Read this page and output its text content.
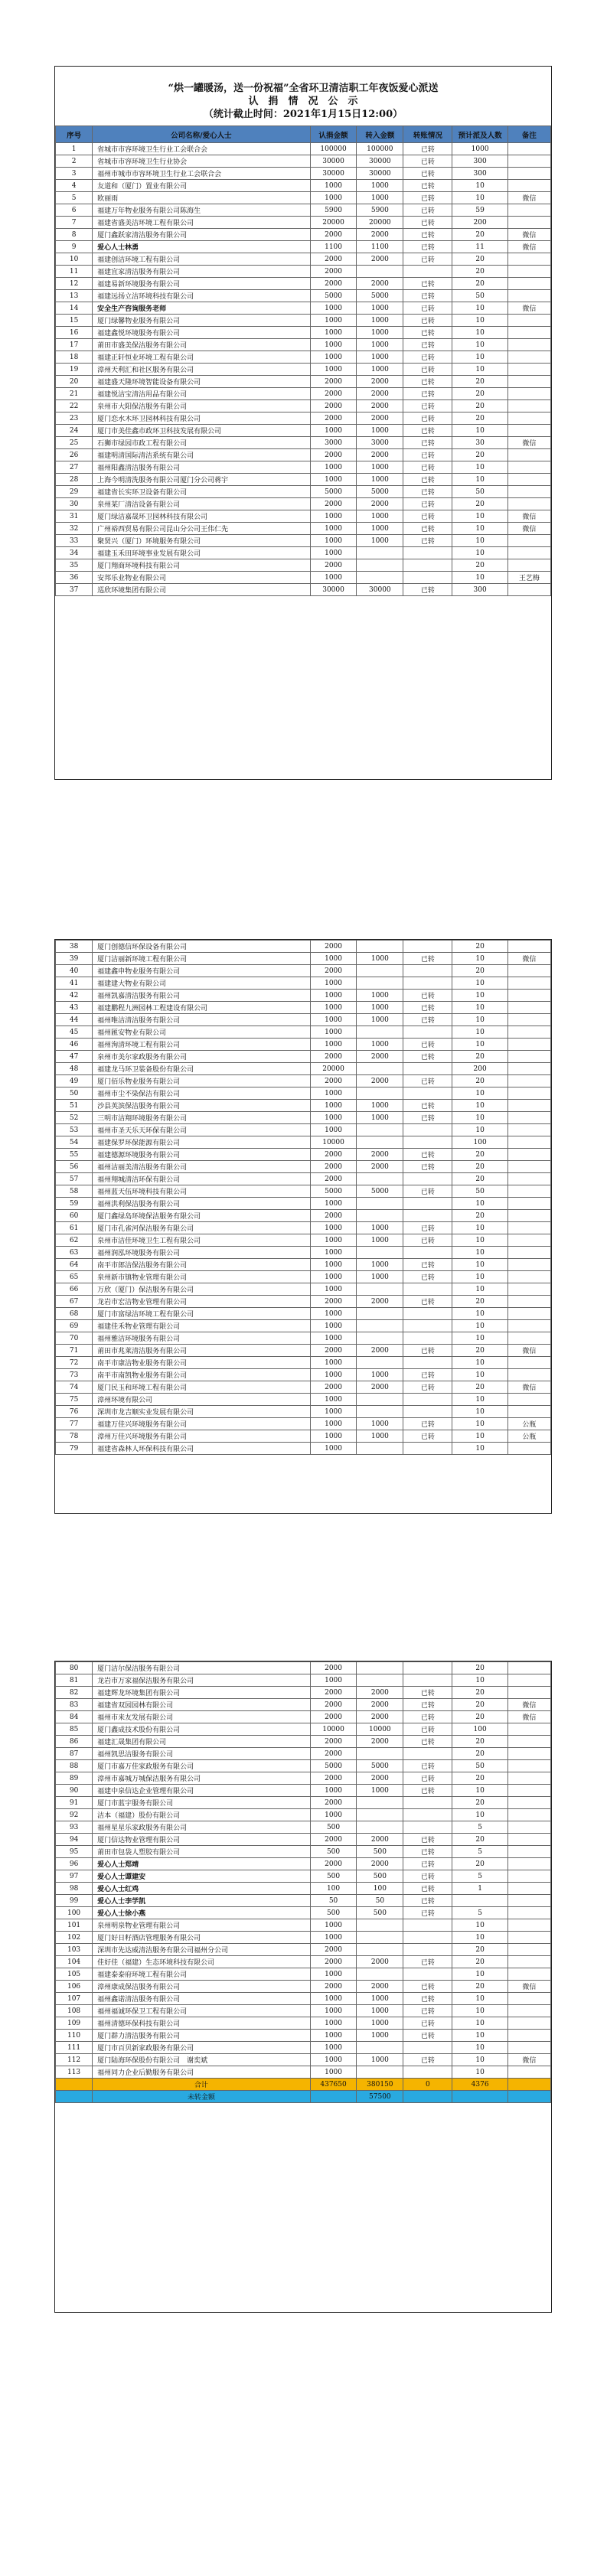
“烘一罐暖汤，送一份祝福”全省环卫清洁职工年夜饭爱心派送
认　捐　情　况　公　示
（统计截止时间：2021年1月15日12:00）
序号	公司名称/爱心人士	认捐金额	转入金额	转账情况	预计派及人数	备注
1	省城市市容环境卫生行业工会联合会	100000	100000	已转	1000	
2	省城市市容环境卫生行业协会	30000	30000	已转	300	
3	福州市城市市容环境卫生行业工会联合会	30000	30000	已转	300	
4	友道和（厦门）置业有限公司	1000	1000	已转	10	
5	欧丽雨	1000	1000	已转	10	微信
6	福建万年物业服务有限公司陈海生	5900	5900	已转	59	
7	福建省盛美洁环境工程有限公司	20000	20000	已转	200	
8	厦门鑫跃家清洁服务有限公司	2000	2000	已转	20	微信
9	爱心人士林勇	1100	1100	已转	11	微信
10	福建创洁环境工程有限公司	2000	2000	已转	20	
11	福建宜家清洁服务有限公司	2000			20	
12	福建易新环境服务有限公司	2000	2000	已转	20	
13	福建远扬立洁环境科技有限公司	5000	5000	已转	50	
14	安全生产咨询服务老师	1000	1000	已转	10	微信
15	厦门绿馨物业服务有限公司	1000	1000	已转	10	
16	福建鑫悦环境服务有限公司	1000	1000	已转	10	
17	莆田市盛美保洁服务有限公司	1000	1000	已转	10	
18	福建正轩恒业环境工程有限公司	1000	1000	已转	10	
19	漳州天利汇和社区服务有限公司	1000	1000	已转	10	
20	福建盛天隆环境智能设备有限公司	2000	2000	已转	20	
21	福建悦洁宝清洁用品有限公司	2000	2000	已转	20	
22	泉州市大阳保洁服务有限公司	2000	2000	已转	20	
23	厦门恋水木环卫园林科技有限公司	2000	2000	已转	20	
24	厦门市美佳鑫市政环卫科技发展有限公司	1000	1000	已转	10	
25	石狮市绿园市政工程有限公司	3000	3000	已转	30	微信
26	福建明清国际清洁系统有限公司	2000	2000	已转	20	
27	福州阳鑫清洁服务有限公司	1000	1000	已转	10	
28	上海今明清洗服务有限公司厦门分公司蒋宇	1000	1000	已转	10	
29	福建省长实环卫设备有限公司	5000	5000	已转	50	
30	泉州某厂清洁设备有限公司	2000	2000	已转	20	
31	厦门绿洁嘉晟环卫园林科技有限公司	1000	1000	已转	10	微信
32	广州裕西贸易有限公司昆山分公司王伟仁先	1000	1000	已转	10	微信
33	聚贤兴（厦门）环境服务有限公司	1000	1000	已转	10	
34	福建玉禾田环境事业发展有限公司	1000			10	
35	厦门翔商环境科技有限公司	2000			20	
36	安邦乐业物业有限公司	1000			10	王艺梅
37	巡欣环境集团有限公司	30000	30000	已转	300	
38	厦门创德信环保设备有限公司	2000			20	
39	厦门洁丽新环境工程有限公司	1000	1000	已转	10	微信
40	福建鑫申物业服务有限公司	2000			20	
41	福建建大物业有限公司	1000			10	
42	福州凯嘉清洁服务有限公司	1000	1000	已转	10	
43	福建鹏程九洲园林工程建设有限公司	1000	1000	已转	10	
44	福州唯洁清洁服务有限公司	1000	1000	已转	10	
45	福州匯安物业有限公司	1000			10	
46	福州洵清环境工程有限公司	1000	1000	已转	10	
47	泉州市美尔家政服务有限公司	2000	2000	已转	20	
48	福建龙马环卫装备股份有限公司	20000			200	
49	厦门佰乐物业服务有限公司	2000	2000	已转	20	
50	福州市尘不染保洁有限公司	1000			10	
51	沙县英滨保洁服务有限公司	1000	1000	已转	10	
52	三明市洁翔环境服务有限公司	1000	1000	已转	10	
53	福州市圣天乐天环保有限公司	1000			10	
54	福建保罗环保能源有限公司	10000			100	
55	福建德源环境服务有限公司	2000	2000	已转	20	
56	福州洁丽美清洁服务有限公司	2000	2000	已转	20	
57	福州翔城清洁环保有限公司	2000			20	
58	福州蓝天伍环境科技有限公司	5000	5000	已转	50	
59	福州洪利保洁服务有限公司	1000			10	
60	厦门鑫绿岛环境保洁服务有限公司	2000			20	
61	厦门市孔雀河保洁服务有限公司	1000	1000	已转	10	
62	泉州市洁佳环境卫生工程有限公司	1000	1000	已转	10	
63	福州润泓环境服务有限公司	1000			10	
64	南平市郎洁保洁服务有限公司	1000	1000	已转	10	
65	泉州新市镇物业管理有限公司	1000	1000	已转	10	
66	万欣（厦门）保洁服务有限公司	1000			10	
67	龙岩市宏洁物业管理有限公司	2000	2000	已转	20	
68	厦门市富绿洁环境工程有限公司	1000			10	
69	福建佳禾物业管理有限公司	1000			10	
70	福州雅洁环境服务有限公司	1000			10	
71	莆田市兆莱清洁服务有限公司	2000	2000	已转	20	微信
72	南平市康洁物业服务有限公司	1000			10	
73	南平市南凯物业服务有限公司	1000	1000	已转	10	
74	厦门民玉和环境工程有限公司	2000	2000	已转	20	微信
75	漳州环境有限公司	1000			10	
76	深圳市龙吉顺实业发展有限公司	1000			10	
77	福建万佳兴环境服务有限公司	1000	1000	已转	10	公瓶
78	漳州万佳兴环境服务有限公司	1000	1000	已转	10	公瓶
79	福建省森林人环保科技有限公司	1000			10	
80	厦门洁尔保洁服务有限公司	2000			20	
81	龙岩市万家福保洁服务有限公司	1000			10	
82	福建辉龙环境集团有限公司	2000	2000	已转	20	
83	福建省双园园林有限公司	2000	2000	已转	20	微信
84	福州市来友发展有限公司	2000	2000	已转	20	微信
85	厦门鑫成技术股份有限公司	10000	10000	已转	100	
86	福建汇晟集团有限公司	2000	2000	已转	20	
87	福州凯思洁服务有限公司	2000			20	
88	厦门市嘉万佳家政服务有限公司	5000	5000	已转	50	
89	漳州市嘉城万城保洁服务有限公司	2000	2000	已转	20	
90	福建中泉信达企业管理有限公司	1000	1000	已转	10	
91	厦门市蓝宇服务有限公司	2000			20	
92	洁本（福建）股份有限公司	1000			10	
93	福州星星乐家政服务有限公司	500			5	
94	厦门信达物业管理有限公司	2000	2000	已转	20	
95	莆田市包袋人塑胶有限公司	500	500	已转	5	
96	爱心人士郑靖	2000	2000	已转	20	
97	爱心人士谭建安	500	500	已转	5	
98	爱心人士红鸡	100	100	已转	1	
99	爱心人士李学凯	50	50	已转		
100	爱心人士徐小燕	500	500	已转	5	
101	泉州明泉物业管理有限公司	1000			10	
102	厦门好日籽酒店管理服务有限公司	1000			10	
103	深圳市先达威清洁服务有限公司福州分公司	2000			20	
104	佳好佳（福建）生态环境科技有限公司	2000	2000	已转	20	
105	福建泰泰府环境工程有限公司	1000			10	
106	漳州康成保洁服务有限公司	2000	2000	已转	20	微信
107	福州鑫诺清洁服务有限公司	1000	1000	已转	10	
108	福州福诚环保卫工程有限公司	1000	1000	已转	10	
109	福州清德环保科技有限公司	1000	1000	已转	10	
110	厦门群力清洁服务有限公司	1000	1000	已转	10	
111	厦门市百贝新家政服务有限公司	1000			10	
112	厦门陆海环保股份有限公司　谢奕斌	1000	1000	已转	10	微信
113	福州同力企业后勤服务有限公司	1000			10	
	合计	437650	380150	0	4376	
	未转金额		57500			
